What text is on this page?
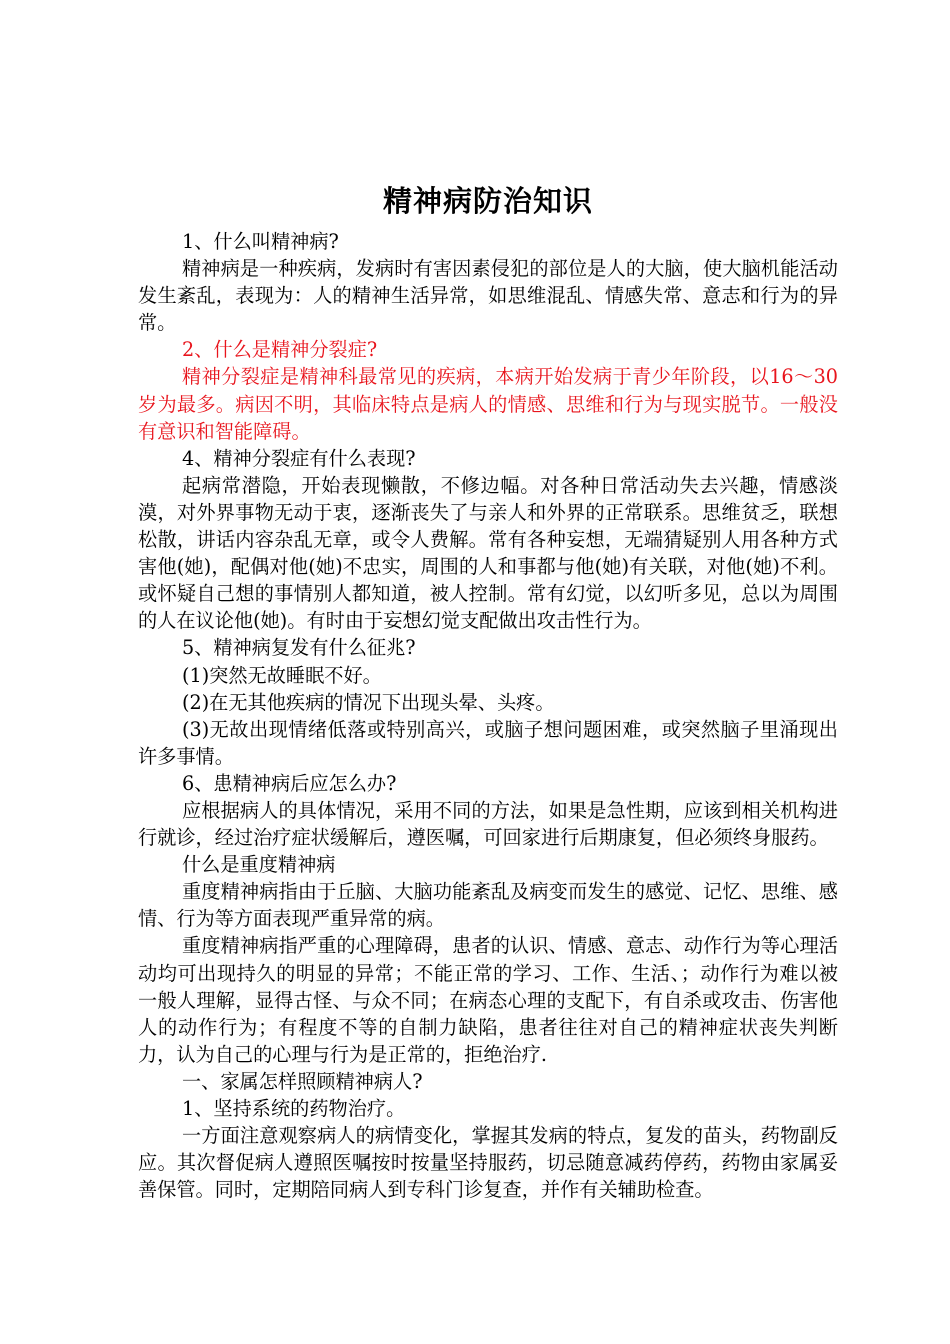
精神病防治知识

1、什么叫精神病?

精神病是一种疾病，发病时有害因素侵犯的部位是人的大脑，使大脑机能活动发生紊乱，表现为：人的精神生活异常，如思维混乱、情感失常、意志和行为的异常。

2、什么是精神分裂症?

精神分裂症是精神科最常见的疾病，本病开始发病于青少年阶段，以16～30岁为最多。病因不明，其临床特点是病人的情感、思维和行为与现实脱节。一般没有意识和智能障碍。

4、精神分裂症有什么表现?

起病常潜隐，开始表现懒散，不修边幅。对各种日常活动失去兴趣，情感淡漠，对外界事物无动于衷，逐渐丧失了与亲人和外界的正常联系。思维贫乏，联想松散，讲话内容杂乱无章，或令人费解。常有各种妄想，无端猜疑别人用各种方式害他(她)，配偶对他(她)不忠实，周围的人和事都与他(她)有关联，对他(她)不利。或怀疑自己想的事情别人都知道，被人控制。常有幻觉，以幻听多见，总以为周围的人在议论他(她)。有时由于妄想幻觉支配做出攻击性行为。

5、精神病复发有什么征兆?

(1)突然无故睡眠不好。

(2)在无其他疾病的情况下出现头晕、头疼。

(3)无故出现情绪低落或特别高兴，或脑子想问题困难，或突然脑子里涌现出许多事情。

6、患精神病后应怎么办?

应根据病人的具体情况，采用不同的方法，如果是急性期，应该到相关机构进行就诊，经过治疗症状缓解后，遵医嘱，可回家进行后期康复，但必须终身服药。

什么是重度精神病

重度精神病指由于丘脑、大脑功能紊乱及病变而发生的感觉、记忆、思维、感情、行为等方面表现严重异常的病。

重度精神病指严重的心理障碍，患者的认识、情感、意志、动作行为等心理活动均可出现持久的明显的异常；不能正常的学习、工作、生活、；动作行为难以被一般人理解，显得古怪、与众不同；在病态心理的支配下，有自杀或攻击、伤害他人的动作行为；有程度不等的自制力缺陷，患者往往对自己的精神症状丧失判断力，认为自己的心理与行为是正常的，拒绝治疗.

一、家属怎样照顾精神病人?

1、坚持系统的药物治疗。

一方面注意观察病人的病情变化，掌握其发病的特点，复发的苗头，药物副反应。其次督促病人遵照医嘱按时按量坚持服药，切忌随意减药停药，药物由家属妥善保管。同时，定期陪同病人到专科门诊复查，并作有关辅助检查。
